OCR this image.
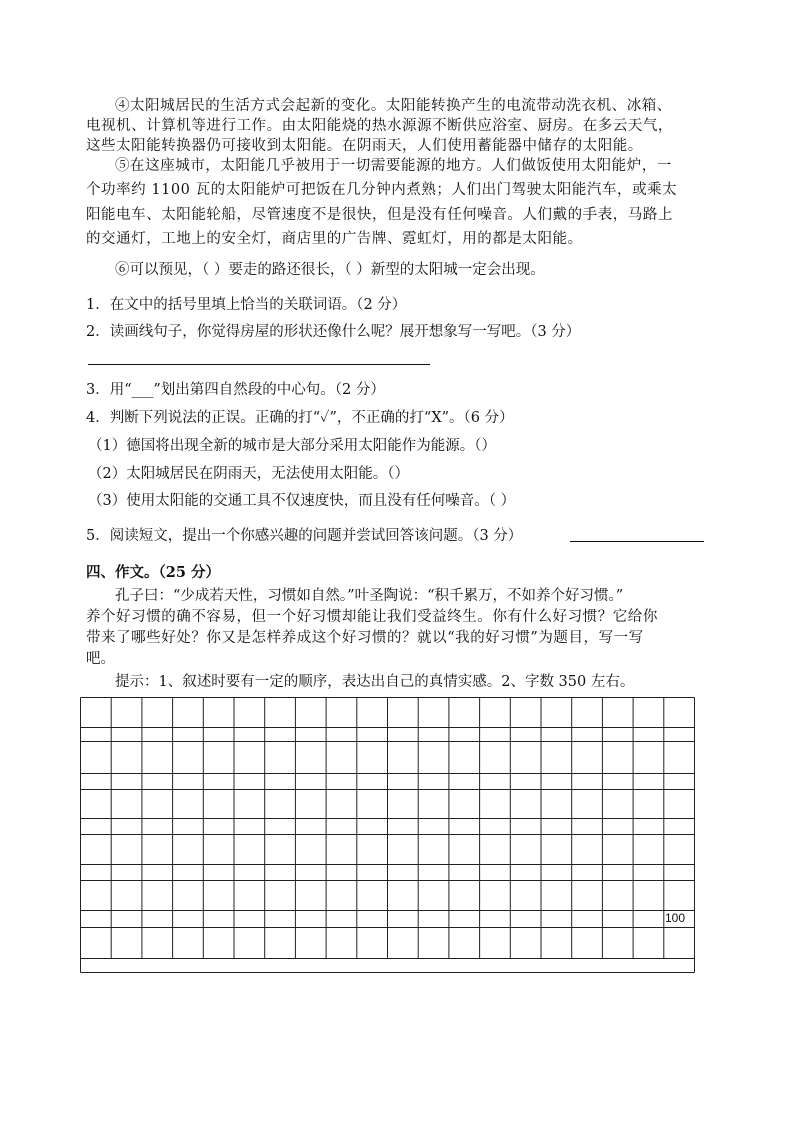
④太阳城居民的生活方式会起新的变化。太阳能转换产生的电流带动洗衣机、冰箱、
电视机、计算机等进行工作。由太阳能烧的热水源源不断供应浴室、厨房。在多云天气，
这些太阳能转换器仍可接收到太阳能。在阴雨天，人们使用蓄能器中储存的太阳能。
⑤在这座城市，太阳能几乎被用于一切需要能源的地方。人们做饭使用太阳能炉，一
个功率约 1100 瓦的太阳能炉可把饭在几分钟内煮熟；人们出门驾驶太阳能汽车，或乘太
阳能电车、太阳能轮船，尽管速度不是很快，但是没有任何噪音。人们戴的手表，马路上
的交通灯，工地上的安全灯，商店里的广告牌、霓虹灯，用的都是太阳能。
⑥可以预见，（ ）要走的路还很长，（ ）新型的太阳城一定会出现。
1．在文中的括号里填上恰当的关联词语。（2 分）
2．读画线句子，你觉得房屋的形状还像什么呢？展开想象写一写吧。（3 分）
3．用“___”划出第四自然段的中心句。（2 分）
4．判断下列说法的正误。正确的打“✓”，不正确的打“X”。（6 分）
（1）德国将出现全新的城市是大部分采用太阳能作为能源。（）
（2）太阳城居民在阴雨天，无法使用太阳能。（）
（3）使用太阳能的交通工具不仅速度快，而且没有任何噪音。（ ）
5．阅读短文，提出一个你感兴趣的问题并尝试回答该问题。（3 分）
四、作文。（25 分）
孔子曰：“少成若天性，习惯如自然。”叶圣陶说：“积千累万，不如养个好习惯。”
养个好习惯的确不容易，但一个好习惯却能让我们受益终生。你有什么好习惯？它给你
带来了哪些好处？你又是怎样养成这个好习惯的？就以“我的好习惯”为题目，写一写
吧。
提示：1、叙述时要有一定的顺序，表达出自己的真情实感。2、字数 350 左右。
100
